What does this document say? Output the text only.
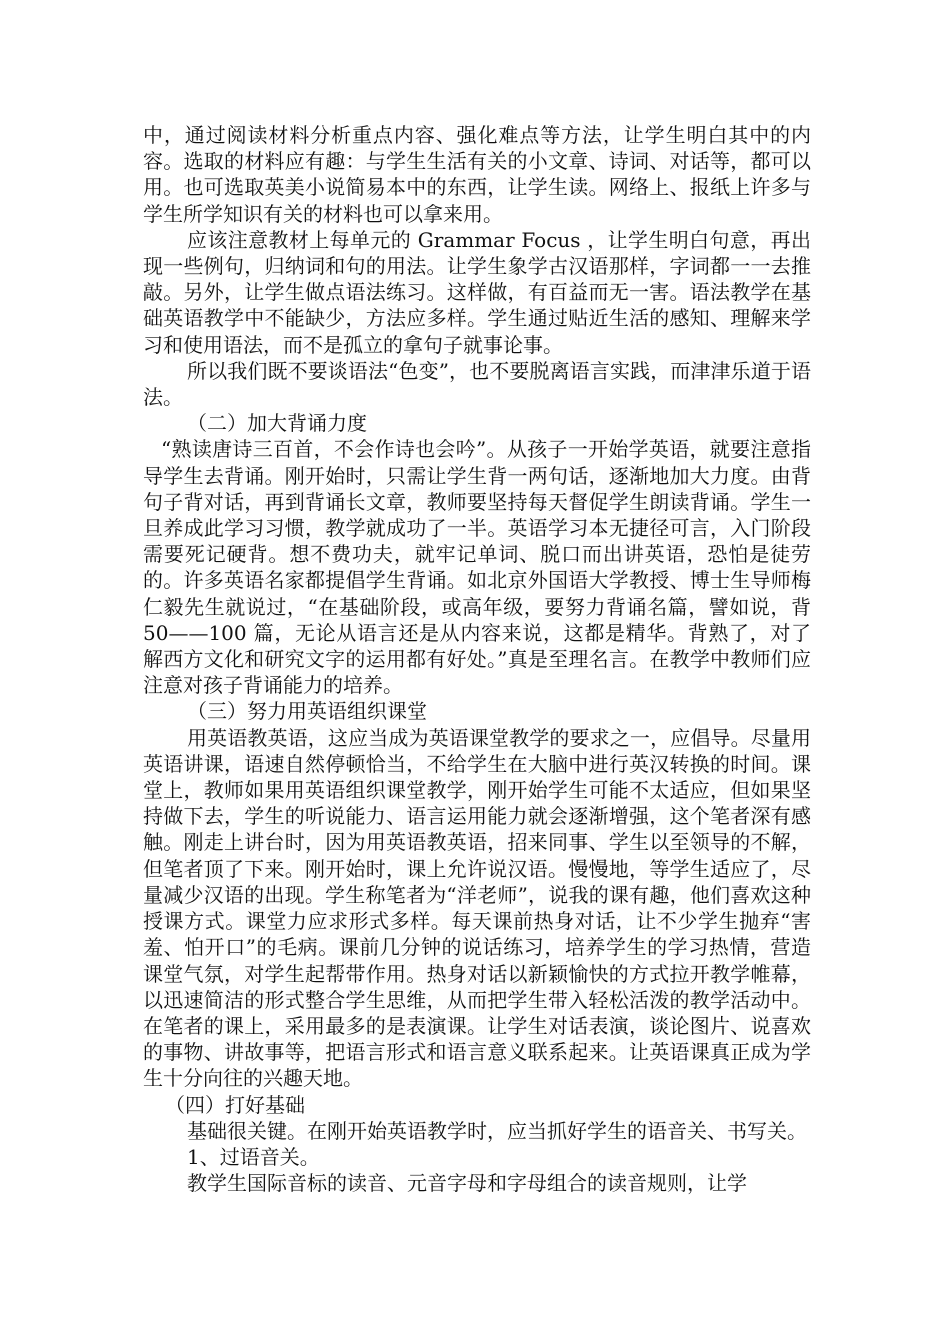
中，通过阅读材料分析重点内容、强化难点等方法，让学生明白其中的内容。选取的材料应有趣：与学生生活有关的小文章、诗词、对话等，都可以用。也可选取英美小说简易本中的东西，让学生读。网络上、报纸上许多与学生所学知识有关的材料也可以拿来用。

应该注意教材上每单元的 Grammar Focus ，让学生明白句意，再出现一些例句，归纳词和句的用法。让学生象学古汉语那样，字词都一一去推敲。另外，让学生做点语法练习。这样做，有百益而无一害。语法教学在基础英语教学中不能缺少，方法应多样。学生通过贴近生活的感知、理解来学习和使用语法，而不是孤立的拿句子就事论事。

所以我们既不要谈语法“色变”，也不要脱离语言实践，而津津乐道于语法。

（二）加大背诵力度

“熟读唐诗三百首，不会作诗也会吟”。从孩子一开始学英语，就要注意指导学生去背诵。刚开始时，只需让学生背一两句话，逐渐地加大力度。由背句子背对话，再到背诵长文章，教师要坚持每天督促学生朗读背诵。学生一旦养成此学习习惯，教学就成功了一半。英语学习本无捷径可言，入门阶段需要死记硬背。想不费功夫，就牢记单词、脱口而出讲英语，恐怕是徒劳的。许多英语名家都提倡学生背诵。如北京外国语大学教授、博士生导师梅仁毅先生就说过，“在基础阶段，或高年级，要努力背诵名篇，譬如说，背 50——100 篇，无论从语言还是从内容来说，这都是精华。背熟了，对了解西方文化和研究文字的运用都有好处。”真是至理名言。在教学中教师们应注意对孩子背诵能力的培养。

（三）努力用英语组织课堂

用英语教英语，这应当成为英语课堂教学的要求之一，应倡导。尽量用英语讲课，语速自然停顿恰当，不给学生在大脑中进行英汉转换的时间。课堂上，教师如果用英语组织课堂教学，刚开始学生可能不太适应，但如果坚持做下去，学生的听说能力、语言运用能力就会逐渐增强，这个笔者深有感触。刚走上讲台时，因为用英语教英语，招来同事、学生以至领导的不解，但笔者顶了下来。刚开始时，课上允许说汉语。慢慢地，等学生适应了，尽量减少汉语的出现。学生称笔者为“洋老师”，说我的课有趣，他们喜欢这种授课方式。课堂力应求形式多样。每天课前热身对话，让不少学生抛弃“害羞、怕开口”的毛病。课前几分钟的说话练习，培养学生的学习热情，营造课堂气氛，对学生起帮带作用。热身对话以新颖愉快的方式拉开教学帷幕，以迅速简洁的形式整合学生思维，从而把学生带入轻松活泼的教学活动中。在笔者的课上，采用最多的是表演课。让学生对话表演，谈论图片、说喜欢的事物、讲故事等，把语言形式和语言意义联系起来。让英语课真正成为学生十分向往的兴趣天地。

（四）打好基础

基础很关键。在刚开始英语教学时，应当抓好学生的语音关、书写关。

1、过语音关。

教学生国际音标的读音、元音字母和字母组合的读音规则，让学
